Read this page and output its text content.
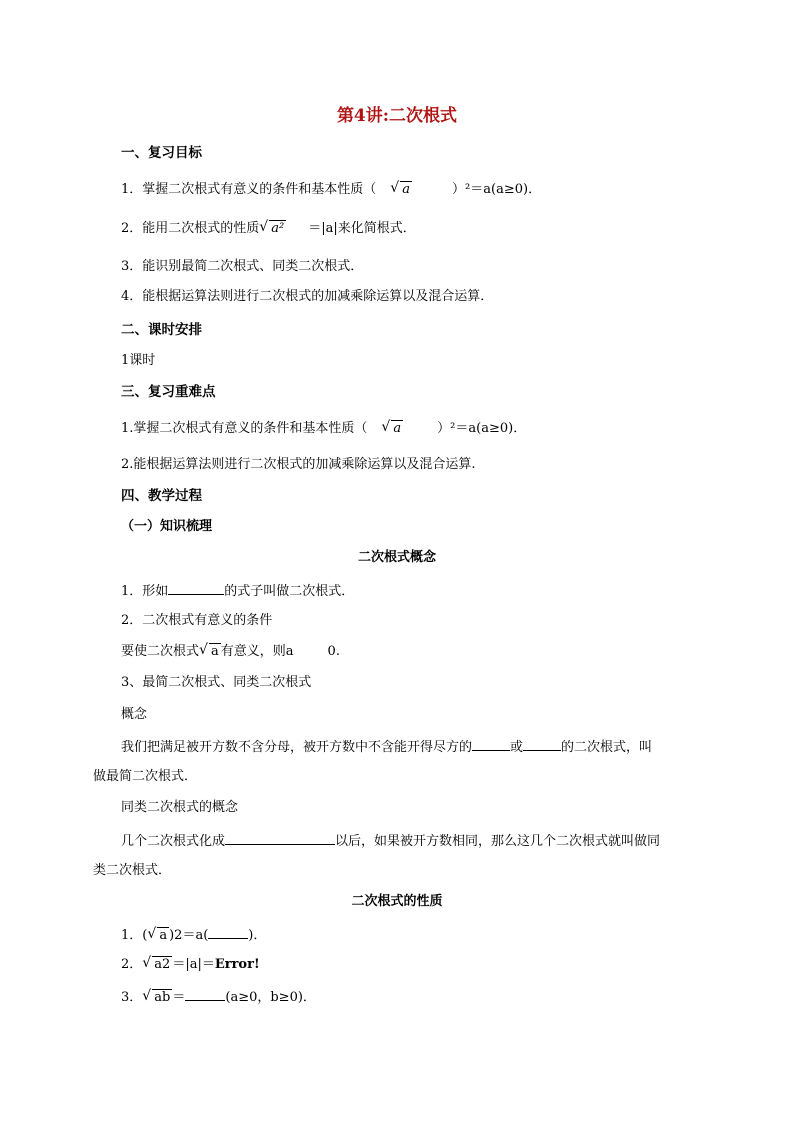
第4讲:二次根式
一、复习目标
1．掌握二次根式有意义的条件和基本性质（ √ a	）²＝a(a≥0)．
2．能用二次根式的性质 √ a² ＝|a|来化简根式．
3．能识别最简二次根式、同类二次根式．
4．能根据运算法则进行二次根式的加减乘除运算以及混合运算．
二、课时安排
1课时
三、复习重难点
1.掌握二次根式有意义的条件和基本性质（ √ a	）²＝a(a≥0)．
2.能根据运算法则进行二次根式的加减乘除运算以及混合运算.
四、教学过程
（一）知识梳理
二次根式概念
1．形如	的式子叫做二次根式．
2．二次根式有意义的条件
要使二次根式 √ a 有意义，则a	0.
3、最简二次根式、同类二次根式
概念
我们把满足被开方数不含分母，被开方数中不含能开得尽方的	或	的二次根式，叫
做最简二次根式．
同类二次根式的概念
几个二次根式化成	以后，如果被开方数相同，那么这几个二次根式就叫做同
类二次根式．
二次根式的性质
1．( √ a )2＝a(	)．
2． √ a2 ＝|a|＝Error!
3． √ ab ＝	(a≥0，b≥0)．
